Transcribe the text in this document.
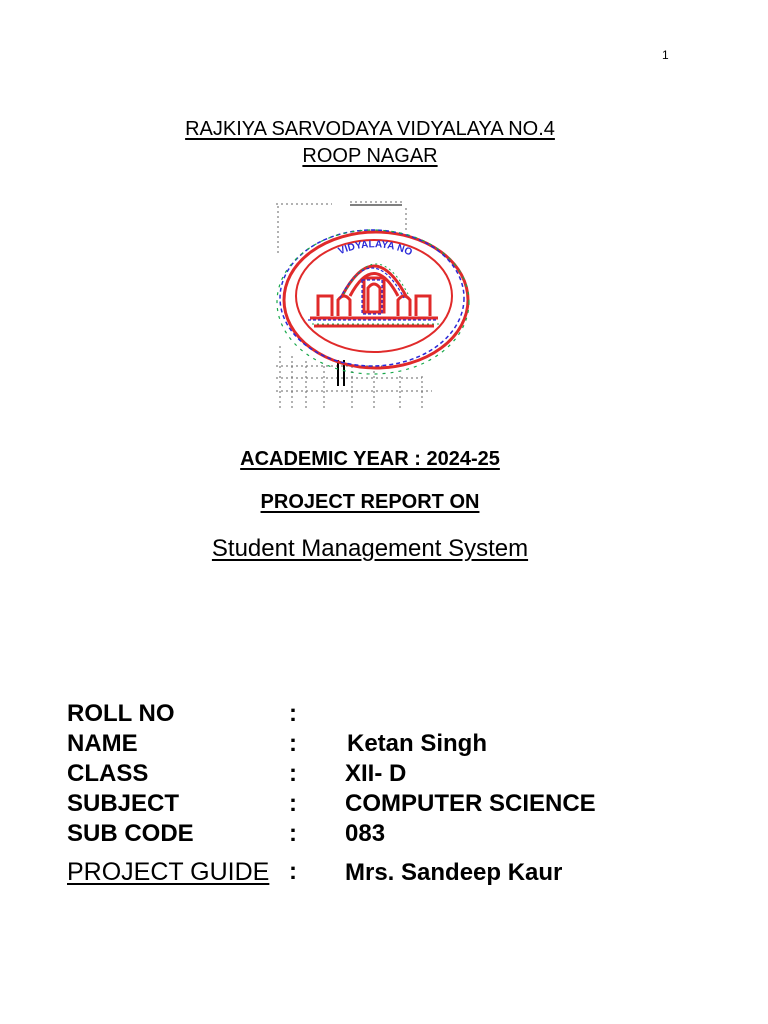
1
RAJKIYA SARVODAYA VIDYALAYA NO.4
ROOP NAGAR
VIDYALAYA NO
ACADEMIC YEAR : 2024-25
PROJECT REPORT ON
Student Management System
ROLL NO	:
NAME	: Ketan Singh
CLASS	: XII- D
SUBJECT	: COMPUTER SCIENCE
SUB CODE	: 083
PROJECT GUIDE : Mrs. Sandeep Kaur
